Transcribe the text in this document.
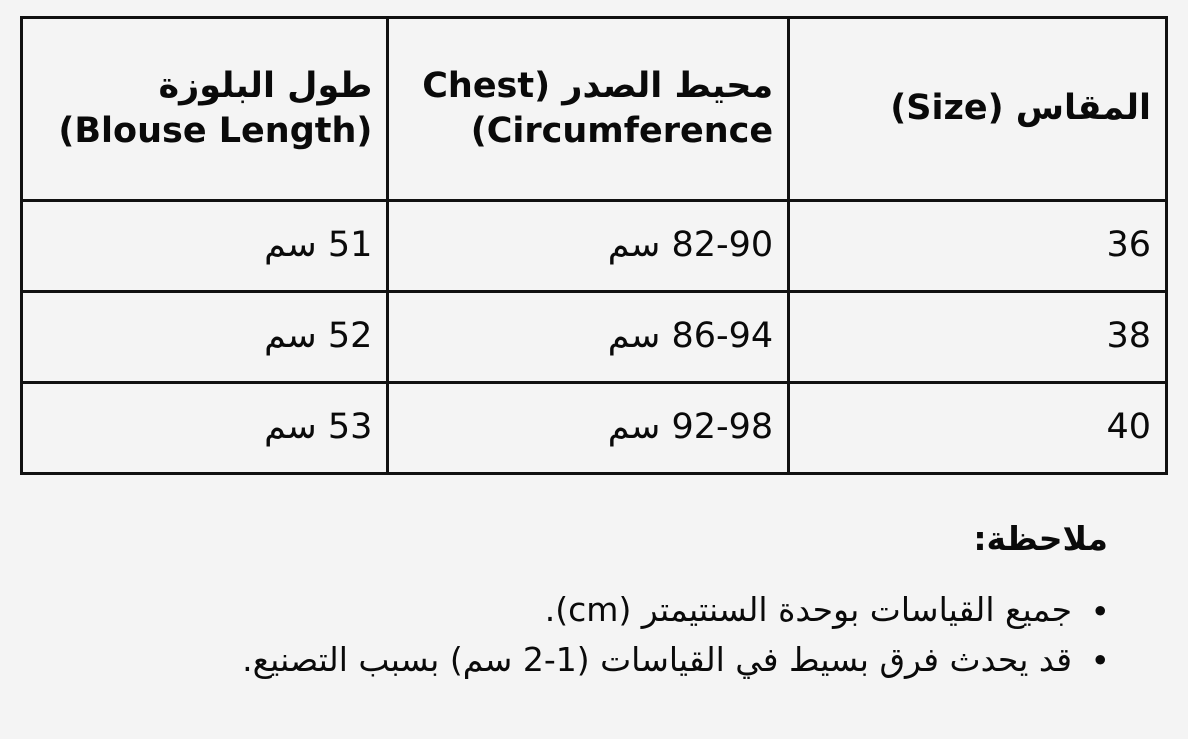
المقاس (Size)	محيط الصدر (Chest Circumference)	طول البلوزة (Blouse Length)
36	82-90 سم	51 سم
38	86-94 سم	52 سم
40	92-98 سم	53 سم
ملاحظة:
•
جميع القياسات بوحدة السنتيمتر (cm).
•
قد يحدث فرق بسيط في القياسات (1-2 سم) بسبب التصنيع.
